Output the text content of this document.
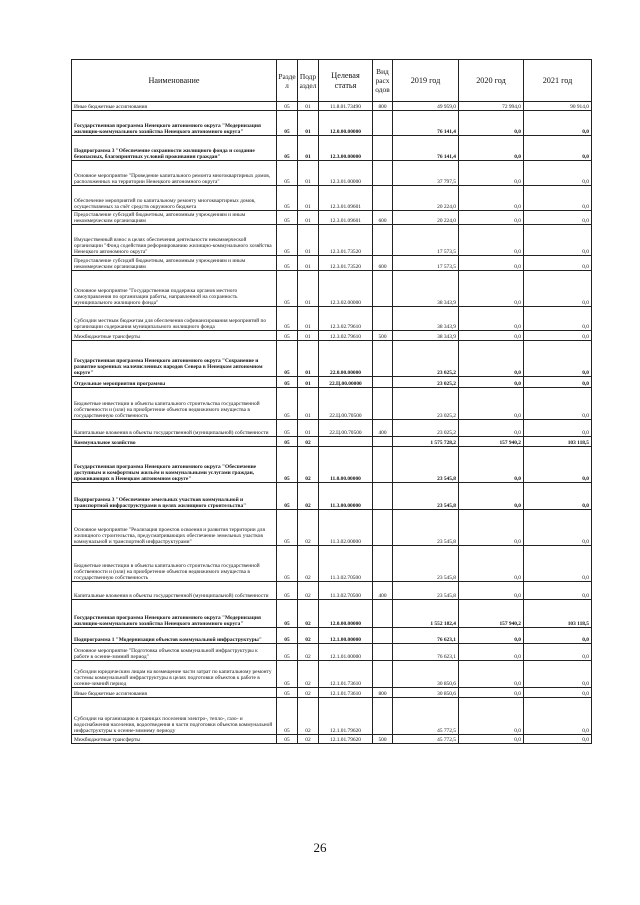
Наименование	Разде л	Подр аздел	Целевая статья	Вид расх одов	2019 год	2020 год	2021 год
Иные бюджетные ассигнования	05	01	11.8.01.73490	800	49 959,0	72 994,0	90 914,0
Государственная программа Ненецкого автономного округа "Модернизация жилищно-коммунального хозяйства Ненецкого автономного округа"	05	01	12.0.00.00000		76 141,4	0,0	0,0
Подпрограмма 3 "Обеспечение сохранности жилищного фонда и создание безопасных, благоприятных условий проживания граждан"	05	01	12.3.00.00000		76 141,4	0,0	0,0
Основное мероприятие "Проведение капитального ремонта многоквартирных домов, расположенных на территории Ненецкого автономного округа"	05	01	12.3.01.00000		37 797,5	0,0	0,0
Обеспечение мероприятий по капитальному ремонту многоквартирных домов, осуществляемых за счёт средств окружного бюджета	05	01	12.3.01.09601		20 224,0	0,0	0,0
Предоставление субсидий бюджетным, автономным учреждениям и иным некоммерческим организациям	05	01	12.3.01.09601	600	20 224,0	0,0	0,0
Имущественный взнос в целях обеспечения деятельности некоммерческой организации "Фонд содействия реформированию жилищно-коммунального хозяйства Ненецкого автономного округа"	05	01	12.3.01.73520		17 573,5	0,0	0,0
Предоставление субсидий бюджетным, автономным учреждениям и иным некоммерческим организациям	05	01	12.3.01.73520	600	17 573,5	0,0	0,0
Основное мероприятие "Государственная поддержка органов местного самоуправления по организации работы, направленной на сохранность муниципального жилищного фонда"	05	01	12.3.02.00000		38 343,9	0,0	0,0
Субсидии местным бюджетам для обеспечения софинансирования мероприятий по организации содержания муниципального жилищного фонда	05	01	12.3.02.79610		38 343,9	0,0	0,0
Межбюджетные трансферты	05	01	12.3.02.79610	500	38 343,9	0,0	0,0
Государственная программа Ненецкого автономного округа "Сохранение и развитие коренных малочисленных народов Севера в Ненецком автономном округе"	05	01	22.0.00.00000		23 025,2	0,0	0,0
Отдельные мероприятия программы	05	01	22.Ц.00.00000		23 025,2	0,0	0,0
Бюджетные инвестиции в объекты капитального строительства государственной собственности и (или) на приобретение объектов недвижимого имущества в государственную собственность	05	01	22.Ц.00.70500		23 025,2	0,0	0,0
Капитальные вложения в объекты государственной (муниципальной) собственности	05	01	22.Ц.00.70500	400	23 025,2	0,0	0,0
Коммунальное хозяйство	05	02			1 575 728,2	157 940,2	103 118,5
Государственная программа Ненецкого автономного округа "Обеспечение доступным и комфортным жильём и коммунальными услугами граждан, проживающих в Ненецком автономном округе"	05	02	11.0.00.00000		23 545,8	0,0	0,0
Подпрограмма 3 "Обеспечение земельных участков коммунальной и транспортной инфраструктурами в целях жилищного строительства"	05	02	11.3.00.00000		23 545,8	0,0	0,0
Основное мероприятие "Реализация проектов освоения и развития территории для жилищного строительства, предусматривающих обеспечение земельных участков коммунальной и транспортной инфраструктурами"	05	02	11.3.02.00000		23 545,8	0,0	0,0
Бюджетные инвестиции в объекты капитального строительства государственной собственности и (или) на приобретение объектов недвижимого имущества в государственную собственность	05	02	11.3.02.70500		23 545,8	0,0	0,0
Капитальные вложения в объекты государственной (муниципальной) собственности	05	02	11.3.02.70500	400	23 545,8	0,0	0,0
Государственная программа Ненецкого автономного округа "Модернизация жилищно-коммунального хозяйства Ненецкого автономного округа"	05	02	12.0.00.00000		1 552 182,4	157 940,2	103 118,5
Подпрограмма 1 "Модернизация объектов коммунальной инфраструктуры"	05	02	12.1.00.00000		76 623,1	0,0	0,0
Основное мероприятие "Подготовка объектов коммунальной инфраструктуры к работе в осенне-зимний период"	05	02	12.1.01.00000		76 623,1	0,0	0,0
Субсидии юридическим лицам на возмещение части затрат по капитальному ремонту системы коммунальной инфраструктуры в целях подготовки объектов к работе в осенне-зимний период	05	02	12.1.01.73610		30 850,6	0,0	0,0
Иные бюджетные ассигнования	05	02	12.1.01.73610	800	30 850,6	0,0	0,0
Субсидии на организацию в границах поселения электро-, тепло-, газо- и водоснабжения населения, водоотведения в части подготовки объектов коммунальной инфраструктуры к осенне-зимнему периоду	05	02	12.1.01.79620		45 772,5	0,0	0,0
Межбюджетные трансферты	05	02	12.1.01.79620	500	45 772,5	0,0	0,0
26
